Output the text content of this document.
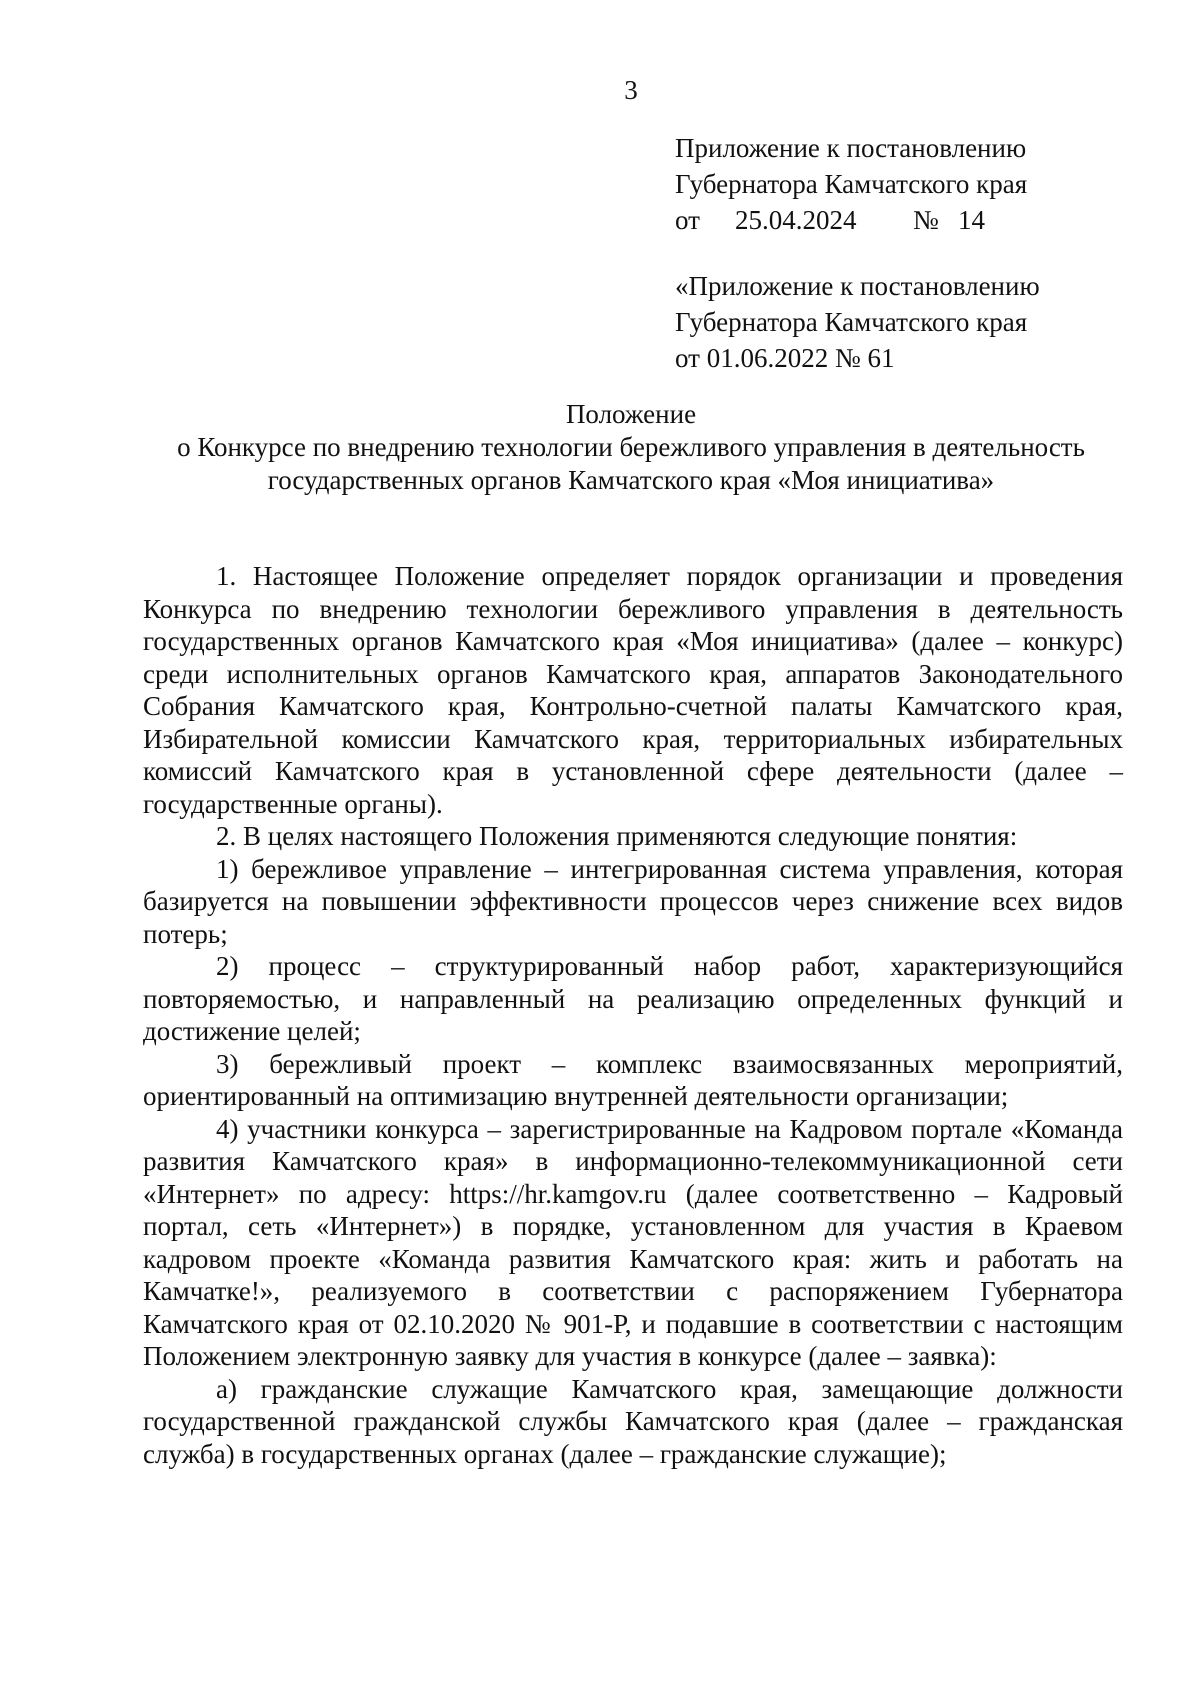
3
Приложение к постановлению
Губернатора Камчатского края
от	25.04.2024	№ 14
«Приложение к постановлению
Губернатора Камчатского края
от 01.06.2022 № 61
Положение
о Конкурсе по внедрению технологии бережливого управления в деятельность
государственных органов Камчатского края «Моя инициатива»

1. Настоящее Положение определяет порядок организации и проведения Конкурса по внедрению технологии бережливого управления в деятельность государственных органов Камчатского края «Моя инициатива» (далее – конкурс) среди исполнительных органов Камчатского края, аппаратов Законодательного Собрания Камчатского края, Контрольно-счетной палаты Камчатского края, Избирательной комиссии Камчатского края, территориальных избирательных комиссий Камчатского края в установленной сфере деятельности (далее – государственные органы).

2. В целях настоящего Положения применяются следующие понятия:

1) бережливое управление – интегрированная система управления, которая базируется на повышении эффективности процессов через снижение всех видов потерь;

2) процесс – структурированный набор работ, характеризующийся повторяемостью, и направленный на реализацию определенных функций и достижение целей;

3) бережливый проект – комплекс взаимосвязанных мероприятий, ориентированный на оптимизацию внутренней деятельности организации;

4) участники конкурса – зарегистрированные на Кадровом портале «Команда развития Камчатского края» в информационно-телекоммуникационной сети «Интернет» по адресу: https://hr.kamgov.ru (далее соответственно – Кадровый портал, сеть «Интернет») в порядке, установленном для участия в Краевом кадровом проекте «Команда развития Камчатского края: жить и работать на Камчатке!», реализуемого в соответствии с распоряжением Губернатора Камчатского края от 02.10.2020 № 901-Р, и подавшие в соответствии с настоящим Положением электронную заявку для участия в конкурсе (далее – заявка):

а) гражданские служащие Камчатского края, замещающие должности государственной гражданской службы Камчатского края (далее – гражданская служба) в государственных органах (далее – гражданские служащие);
